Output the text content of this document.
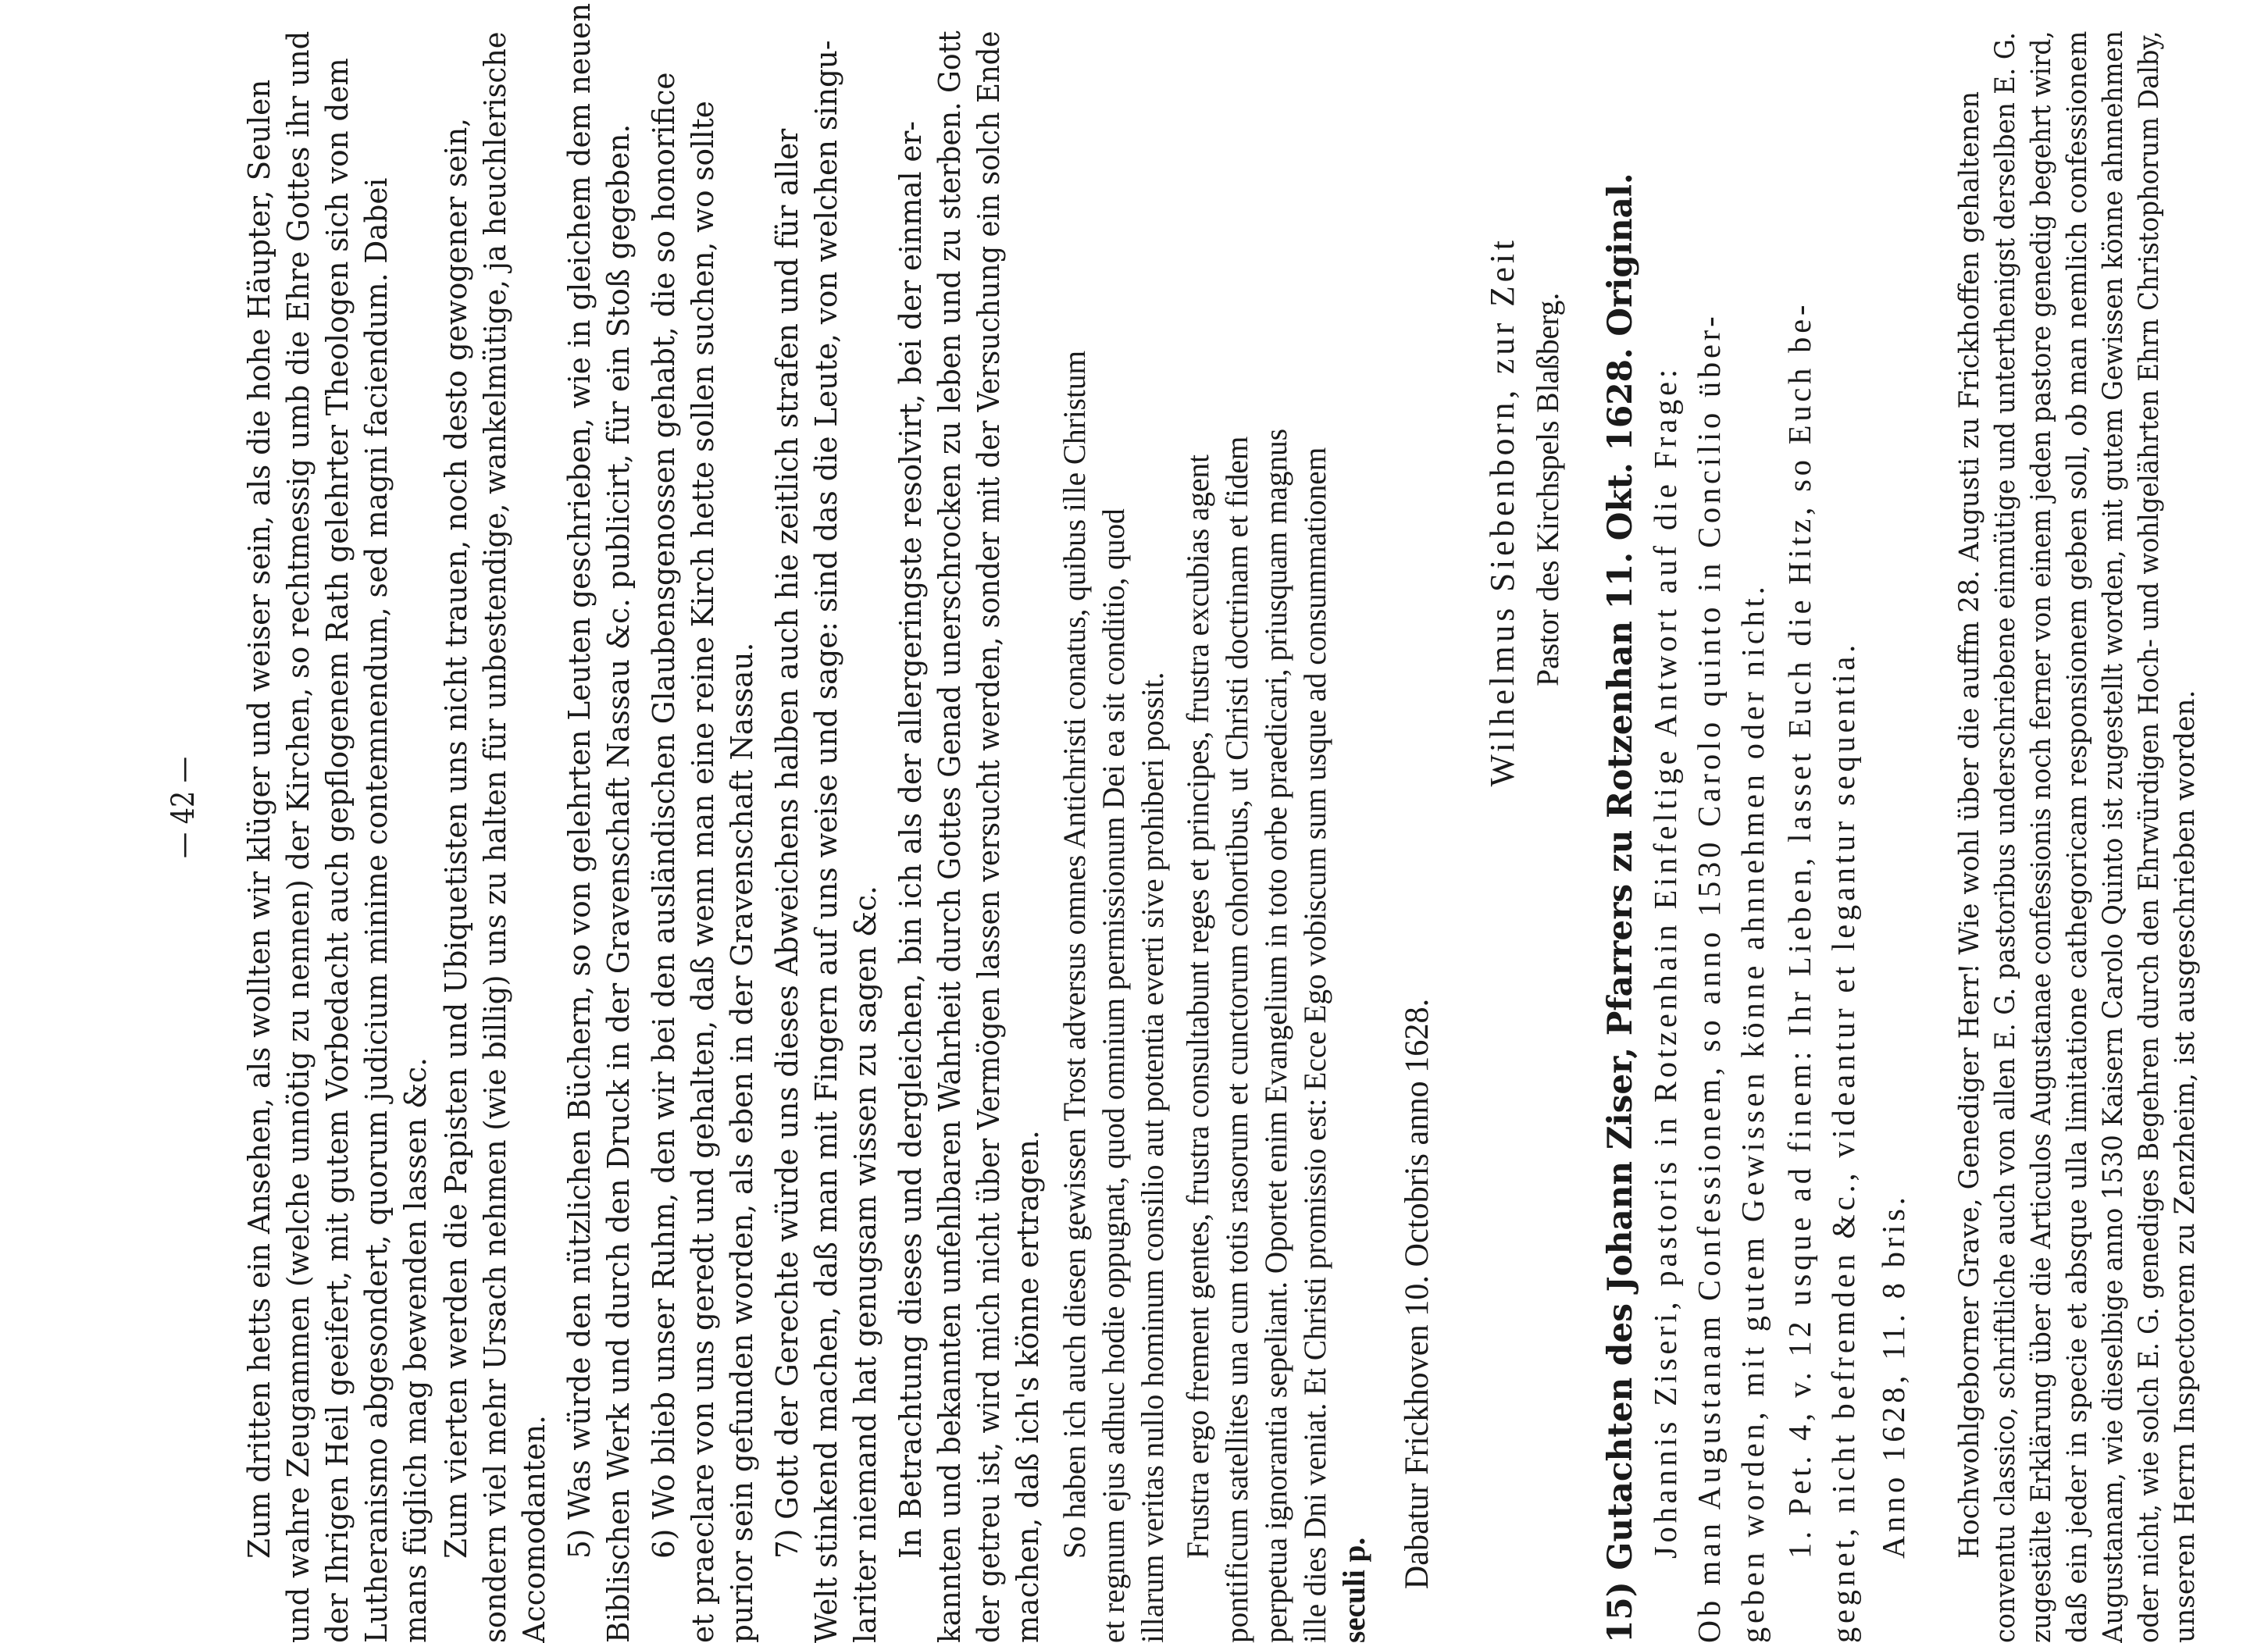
— 42 — Zum dritten hetts ein Ansehen, als wollten wir klüger und weiser sein, als die hohe Häupter, Seulen und wahre Zeugammen (welche unnötig zu nennen) der Kirchen, so rechtmessig umb die Ehre Gottes ihr und der Ihrigen Heil geeifert, mit gutem Vorbedacht auch gepflogenem Rath gelehrter Theologen sich von dem Lutheranismo abgesondert, quorum judicium minime contemnendum, sed magni faciendum. Dabei mans füglich mag bewenden lassen &c. Zum vierten werden die Papisten und Ubiquetisten uns nicht trauen, noch desto gewogener sein, sondern viel mehr Ursach nehmen (wie billig) uns zu halten für unbestendige, wankelmütige, ja heuchlerische Accomodanten. 5) Was würde den nützlichen Büchern, so von gelehrten Leuten geschrieben, wie in gleichem dem neuen Biblischen Werk und durch den Druck in der Gravenschaft Nassau &c. publicirt, für ein Stoß gegeben. 6) Wo blieb unser Ruhm, den wir bei den ausländischen Glaubensgenossen gehabt, die so honorifice et praeclare von uns geredt und gehalten, daß wenn man eine reine Kirch hette sollen suchen, wo sollte purior sein gefunden worden, als eben in der Gravenschaft Nassau. 7) Gott der Gerechte würde uns dieses Abweichens halben auch hie zeitlich strafen und für aller Welt stinkend machen, daß man mit Fingern auf uns weise und sage: sind das die Leute, von welchen singu- lariter niemand hat genugsam wissen zu sagen &c. In Betrachtung dieses und dergleichen, bin ich als der allergeringste resolvirt, bei der einmal er- kannten und bekannten unfehlbaren Wahrheit durch Gottes Genad unerschrocken zu leben und zu sterben. Gott der getreu ist, wird mich nicht über Vermögen lassen versucht werden, sonder mit der Versuchung ein solch Ende machen, daß ich's könne ertragen. So haben ich auch diesen gewissen Trost adversus omnes Antichristi conatus, quibus ille Christum et regnum ejus adhuc hodie oppugnat, quod omnium permissionum Dei ea sit conditio, quod illarum veritas nullo hominum consilio aut potentia everti sive prohiberi possit. Frustra ergo frement gentes, frustra consultabunt reges et principes, frustra excubias agent pontificum satellites una cum totis rasorum et cunctorum cohortibus, ut Christi doctrinam et fidem perpetua ignorantia sepeliant. Oportet enim Evangelium in toto orbe praedicari, priusquam magnus ille dies Dni veniat. Et Christi promissio est: Ecce Ego vobiscum sum usque ad consummationem seculi p.
Dabatur Frickhoven 10. Octobris anno 1628.
Wilhelmus Siebenborn, zur Zeit Pastor des Kirchspels Blaßberg. 15) Gutachten des Johann Ziser, Pfarrers zu Rotzenhan 11. Okt. 1628. Original. Johannis Ziseri, pastoris in Rotzenhain Einfeltige Antwort auf die Frage: Ob man Augustanam Confessionem, so anno 1530 Carolo quinto in Concilio über- geben worden, mit gutem Gewissen könne ahnnehmen oder nicht. 1. Pet. 4, v. 12 usque ad finem: Ihr Lieben, lasset Euch die Hitz, so Euch be- gegnet, nicht befremden &c., videantur et legantur sequentia. Anno 1628, 11. 8 bris. Hochwohlgeborner Grave, Genediger Herr! Wie wohl über die auffm 28. Augusti zu Frickhoffen gehaltenen conventu classico, schriftliche auch von allen E. G. pastoribus underschriebene einmütige und unterthenigst derselben E. G. zugestälte Erklärung über die Articulos Augustanae confessionis noch ferner von einem jeden pastore genedig begehrt wird, daß ein jeder in specie et absque ulla limitatione cathegoricam responsionem geben soll, ob man nemlich confessionem Augustanam, wie dieselbige anno 1530 Kaisern Carolo Quinto ist zugestellt worden, mit gutem Gewissen könne ahnnehmen oder nicht, wie solch E. G. genediges Begehren durch den Ehrwürdigen Hoch- und wohlgelährten Ehrn Christophorum Dalby, unseren Herrn Inspectorem zu Zenzheim, ist ausgeschrieben worden.
